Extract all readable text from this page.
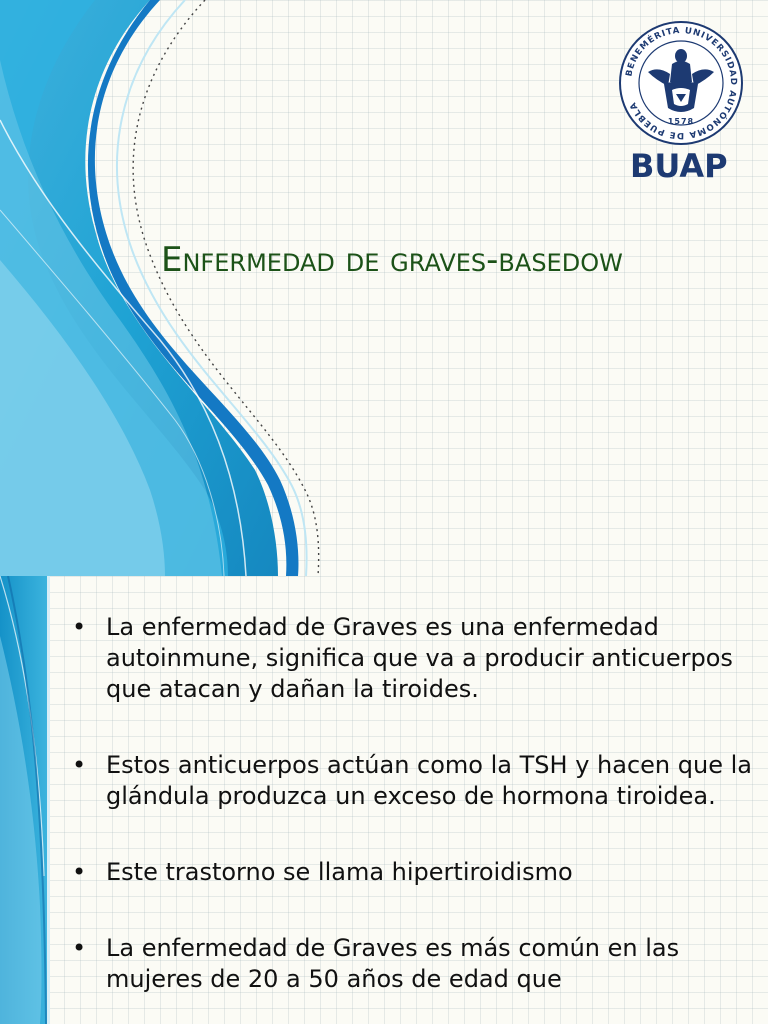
BENEMÉRITA UNIVERSIDAD AUTÓNOMA DE PUEBLA
1578
BUAP
Enfermedad de graves-basedow
• La enfermedad de Graves es una enfermedad autoinmune, significa que va a producir anticuerpos que atacan y dañan la tiroides.
• Estos anticuerpos actúan como la TSH y hacen que la glándula produzca un exceso de hormona tiroidea.
• Este trastorno se llama hipertiroidismo
• La enfermedad de Graves es más común en las mujeres de 20 a 50 años de edad que
